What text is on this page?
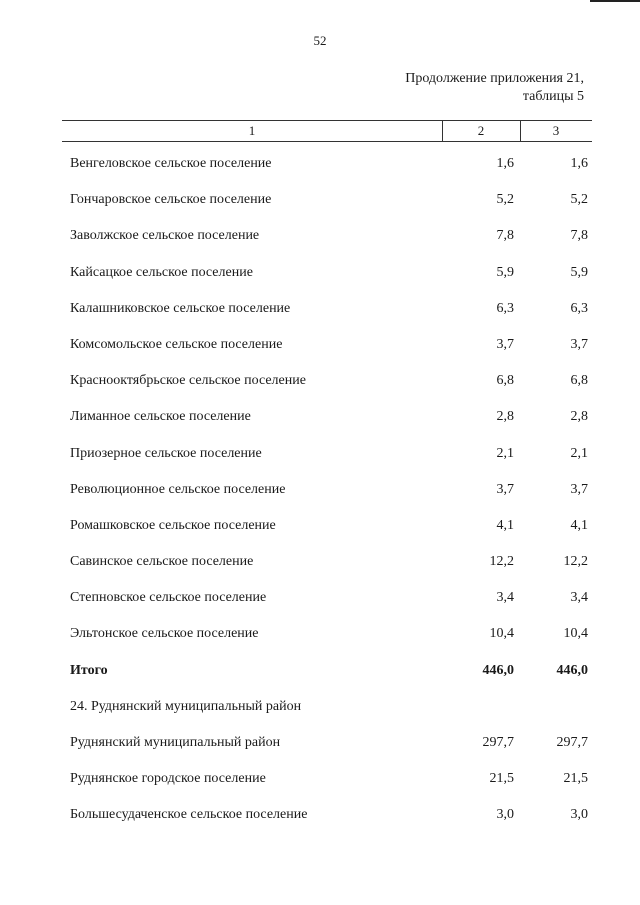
52
Продолжение приложения 21,
таблицы 5
1	2	3
Венгеловское сельское поселение	1,6	1,6
Гончаровское сельское поселение	5,2	5,2
Заволжское сельское поселение	7,8	7,8
Кайсацкое сельское поселение	5,9	5,9
Калашниковское сельское поселение	6,3	6,3
Комсомольское сельское поселение	3,7	3,7
Краснооктябрьское сельское поселение	6,8	6,8
Лиманное сельское поселение	2,8	2,8
Приозерное сельское поселение	2,1	2,1
Революционное сельское поселение	3,7	3,7
Ромашковское сельское поселение	4,1	4,1
Савинское сельское поселение	12,2	12,2
Степновское сельское поселение	3,4	3,4
Эльтонское сельское поселение	10,4	10,4
Итого	446,0	446,0
24. Руднянский муниципальный район
Руднянский муниципальный район	297,7	297,7
Руднянское городское поселение	21,5	21,5
Большесудаченское сельское поселение	3,0	3,0
